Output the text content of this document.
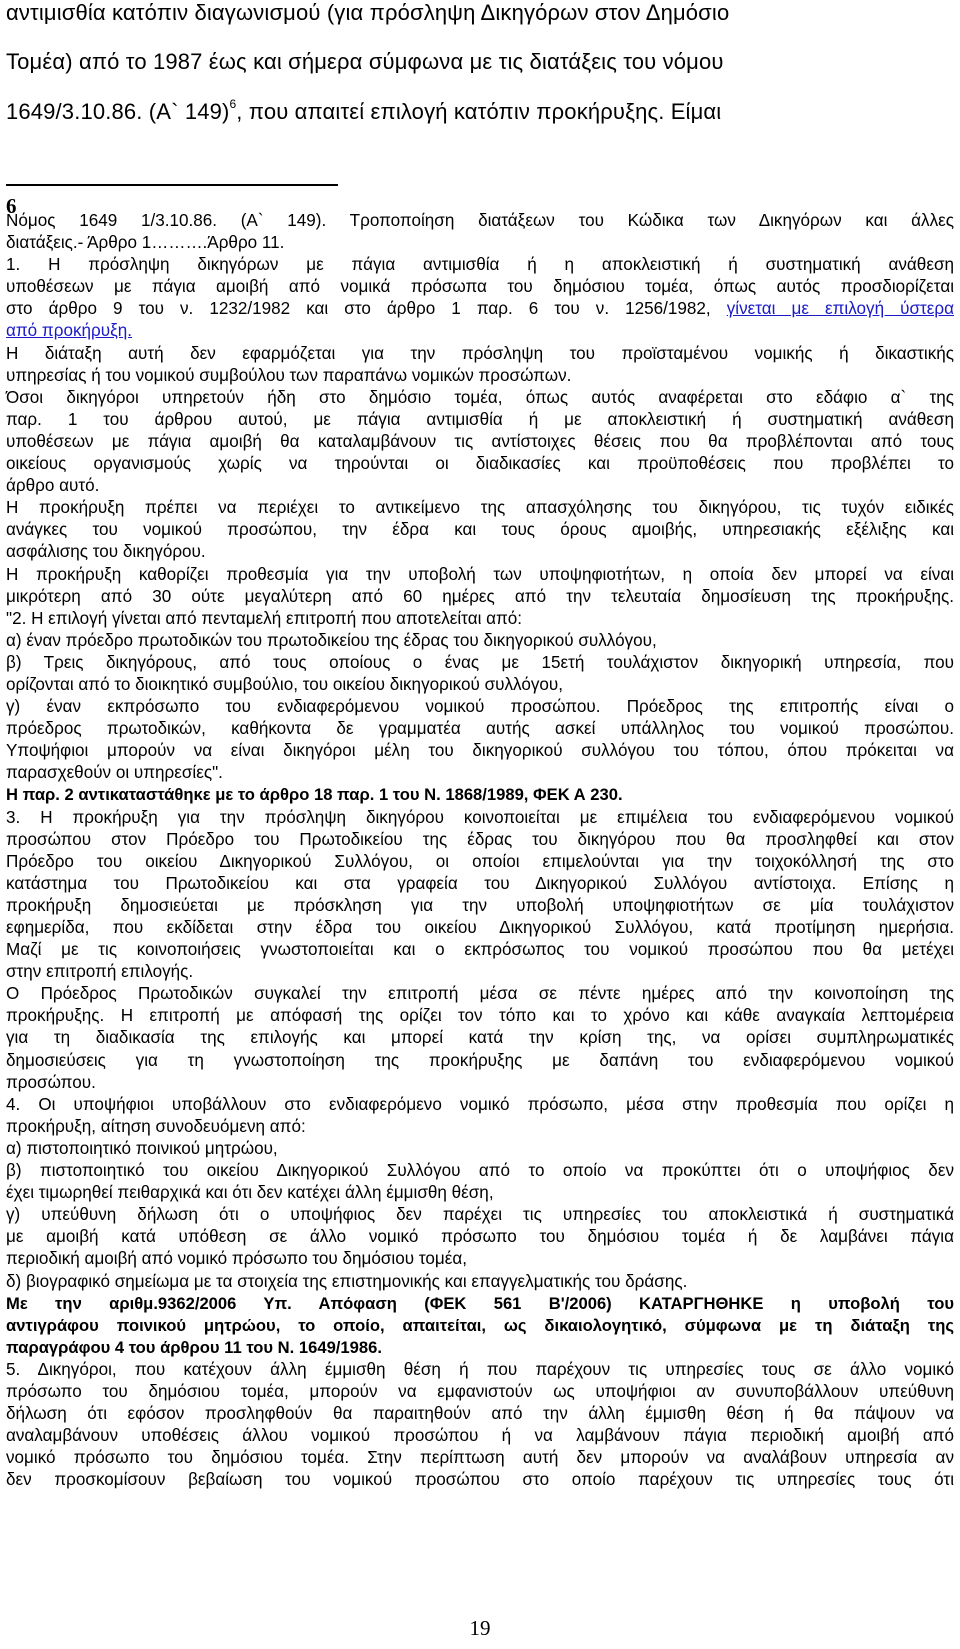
αντιμισθία κατόπιν διαγωνισμού (για πρόσληψη Δικηγόρων στον Δημόσιο

Τομέα) από το 1987 έως και σήμερα σύμφωνα με τις διατάξεις του νόμου

1649/3.10.86. (Α` 149)$^6$, που απαιτεί επιλογή κατόπιν προκήρυξης. Είμαι

6

Νόμος 1649 1/3.10.86. (Α` 149). Τροποποίηση διατάξεων του Κώδικα των Δικηγόρων και άλλες

διατάξεις.- Άρθρο 1……….Άρθρο 11.

1. Η πρόσληψη δικηγόρων με πάγια αντιμισθία ή η αποκλειστική ή συστηματική ανάθεση

υποθέσεων με πάγια αμοιβή από νομικά πρόσωπα του δημόσιου τομέα, όπως αυτός προσδιορίζεται

στο άρθρο 9 του ν. 1232/1982 και στο άρθρο 1 παρ. 6 του ν. 1256/1982, γίνεται με επιλογή ύστερα

από προκήρυξη.

Η διάταξη αυτή δεν εφαρμόζεται για την πρόσληψη του προϊσταμένου νομικής ή δικαστικής

υπηρεσίας ή του νομικού συμβούλου των παραπάνω νομικών προσώπων.

Όσοι δικηγόροι υπηρετούν ήδη στο δημόσιο τομέα, όπως αυτός αναφέρεται στο εδάφιο α` της

παρ. 1 του άρθρου αυτού, με πάγια αντιμισθία ή με αποκλειστική ή συστηματική ανάθεση

υποθέσεων με πάγια αμοιβή θα καταλαμβάνουν τις αντίστοιχες θέσεις που θα προβλέπονται από τους

οικείους οργανισμούς χωρίς να τηρούνται οι διαδικασίες και προϋποθέσεις που προβλέπει το

άρθρο αυτό.

Η προκήρυξη πρέπει να περιέχει το αντικείμενο της απασχόλησης του δικηγόρου, τις τυχόν ειδικές

ανάγκες του νομικού προσώπου, την έδρα και τους όρους αμοιβής, υπηρεσιακής εξέλιξης και

ασφάλισης του δικηγόρου.

Η προκήρυξη καθορίζει προθεσμία για την υποβολή των υποψηφιοτήτων, η οποία δεν μπορεί να είναι

μικρότερη από 30 ούτε μεγαλύτερη από 60 ημέρες από την τελευταία δημοσίευση της προκήρυξης.

"2. Η επιλογή γίνεται από πενταμελή επιτροπή που αποτελείται από:

α) έναν πρόεδρο πρωτοδικών του πρωτοδικείου της έδρας του δικηγορικού συλλόγου,

β) Τρεις δικηγόρους, από τους οποίους ο ένας με 15ετή τουλάχιστον δικηγορική υπηρεσία, που

ορίζονται από το διοικητικό συμβούλιο, του οικείου δικηγορικού συλλόγου,

γ) έναν εκπρόσωπο του ενδιαφερόμενου νομικού προσώπου. Πρόεδρος της επιτροπής είναι ο

πρόεδρος πρωτοδικών, καθήκοντα δε γραμματέα αυτής ασκεί υπάλληλος του νομικού προσώπου.

Υποψήφιοι μπορούν να είναι δικηγόροι μέλη του δικηγορικού συλλόγου του τόπου, όπου πρόκειται να

παρασχεθούν οι υπηρεσίες".

Η παρ. 2 αντικαταστάθηκε με το άρθρο 18 παρ. 1 του Ν. 1868/1989, ΦΕΚ Α 230.

3. Η προκήρυξη για την πρόσληψη δικηγόρου κοινοποιείται με επιμέλεια του ενδιαφερόμενου νομικού

προσώπου στον Πρόεδρο του Πρωτοδικείου της έδρας του δικηγόρου που θα προσληφθεί και στον

Πρόεδρο του οικείου Δικηγορικού Συλλόγου, οι οποίοι επιμελούνται για την τοιχοκόλλησή της στο

κατάστημα του Πρωτοδικείου και στα γραφεία του Δικηγορικού Συλλόγου αντίστοιχα. Επίσης η

προκήρυξη δημοσιεύεται με πρόσκληση για την υποβολή υποψηφιοτήτων σε μία τουλάχιστον

εφημερίδα, που εκδίδεται στην έδρα του οικείου Δικηγορικού Συλλόγου, κατά προτίμηση ημερήσια.

Μαζί με τις κοινοποιήσεις γνωστοποιείται και ο εκπρόσωπος του νομικού προσώπου που θα μετέχει

στην επιτροπή επιλογής.

Ο Πρόεδρος Πρωτοδικών συγκαλεί την επιτροπή μέσα σε πέντε ημέρες από την κοινοποίηση της

προκήρυξης. Η επιτροπή με απόφασή της ορίζει τον τόπο και το χρόνο και κάθε αναγκαία λεπτομέρεια

για τη διαδικασία της επιλογής και μπορεί κατά την κρίση της, να ορίσει συμπληρωματικές

δημοσιεύσεις για τη γνωστοποίηση της προκήρυξης με δαπάνη του ενδιαφερόμενου νομικού

προσώπου.

4. Οι υποψήφιοι υποβάλλουν στο ενδιαφερόμενο νομικό πρόσωπο, μέσα στην προθεσμία που ορίζει η

προκήρυξη, αίτηση συνοδευόμενη από:

α) πιστοποιητικό ποινικού μητρώου,

β) πιστοποιητικό του οικείου Δικηγορικού Συλλόγου από το οποίο να προκύπτει ότι ο υποψήφιος δεν

έχει τιμωρηθεί πειθαρχικά και ότι δεν κατέχει άλλη έμμισθη θέση,

γ) υπεύθυνη δήλωση ότι ο υποψήφιος δεν παρέχει τις υπηρεσίες του αποκλειστικά ή συστηματικά

με αμοιβή κατά υπόθεση σε άλλο νομικό πρόσωπο του δημόσιου τομέα ή δε λαμβάνει πάγια

περιοδική αμοιβή από νομικό πρόσωπο του δημόσιου τομέα,

δ) βιογραφικό σημείωμα με τα στοιχεία της επιστημονικής και επαγγελματικής του δράσης.

Με την αριθμ.9362/2006 Υπ. Απόφαση (ΦΕΚ 561 Β'/2006) ΚΑΤΑΡΓΗΘΗΚΕ η υποβολή του

αντιγράφου ποινικού μητρώου, το οποίο, απαιτείται, ως δικαιολογητικό, σύμφωνα με τη διάταξη της

παραγράφου 4 του άρθρου 11 του Ν. 1649/1986.

5. Δικηγόροι, που κατέχουν άλλη έμμισθη θέση ή που παρέχουν τις υπηρεσίες τους σε άλλο νομικό

πρόσωπο του δημόσιου τομέα, μπορούν να εμφανιστούν ως υποψήφιοι αν συνυποβάλλουν υπεύθυνη

δήλωση ότι εφόσον προσληφθούν θα παραιτηθούν από την άλλη έμμισθη θέση ή θα πάψουν να

αναλαμβάνουν υποθέσεις άλλου νομικού προσώπου ή να λαμβάνουν πάγια περιοδική αμοιβή από

νομικό πρόσωπο του δημόσιου τομέα. Στην περίπτωση αυτή δεν μπορούν να αναλάβουν υπηρεσία αν

δεν προσκομίσουν βεβαίωση του νομικού προσώπου στο οποίο παρέχουν τις υπηρεσίες τους ότι

19
